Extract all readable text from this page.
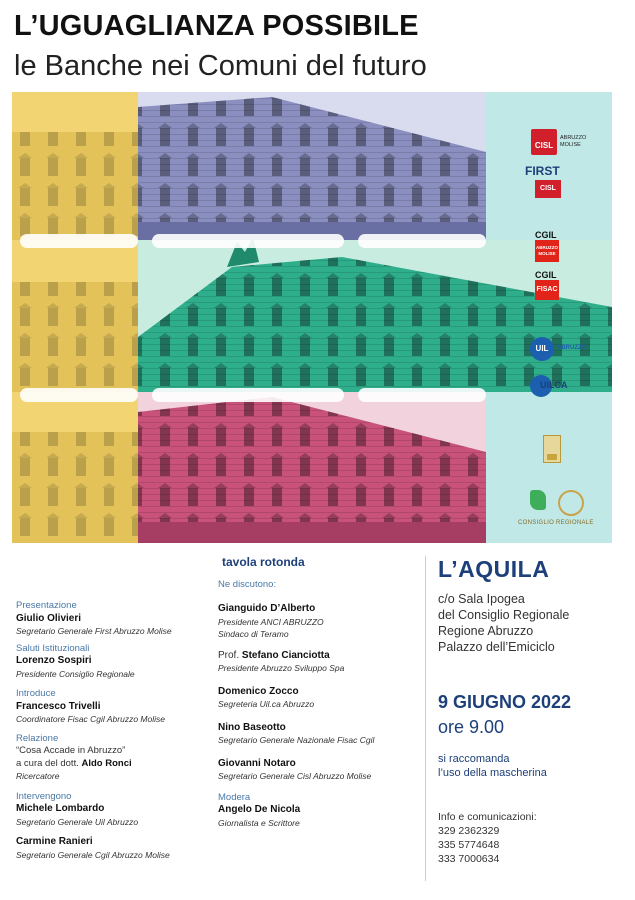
L’UGUAGLIANZA POSSIBILE
le Banche nei Comuni del futuro
CISL
ABRUZZO MOLISE
FIRST
CISL
CGIL
ABRUZZO MOLISE
CGIL
FISAC
UIL	ABRUZZO
UILCA
CONSIGLIO REGIONALE
Presentazione
Giulio Olivieri
Segretario Generale First Abruzzo Molise
Saluti Istituzionali
Lorenzo Sospiri
Presidente Consiglio Regionale
Introduce
Francesco Trivelli
Coordinatore Fisac Cgil Abruzzo Molise
Relazione
“Cosa Accade in Abruzzo”
a cura del dott. Aldo Ronci
Ricercatore
Intervengono
Michele Lombardo
Segretario Generale Uil Abruzzo
Carmine Ranieri
Segretario Generale Cgil Abruzzo Molise
tavola rotonda
Ne discutono:
Gianguido D’Alberto
Presidente ANCI ABRUZZO
Sindaco di Teramo
Prof. Stefano Cianciotta
Presidente Abruzzo Sviluppo Spa
Domenico Zocco
Segreteria Uil.ca Abruzzo
Nino Baseotto
Segretario Generale Nazionale Fisac Cgil
Giovanni Notaro
Segretario Generale Cisl Abruzzo Molise
Modera
Angelo De Nicola
Giornalista e Scrittore
L’AQUILA
c/o Sala Ipogea
del Consiglio Regionale
Regione Abruzzo
Palazzo dell’Emiciclo
9 GIUGNO 2022
ore 9.00
si raccomanda
l’uso della mascherina
Info e comunicazioni:
329 2362329
335 5774648
333 7000634
